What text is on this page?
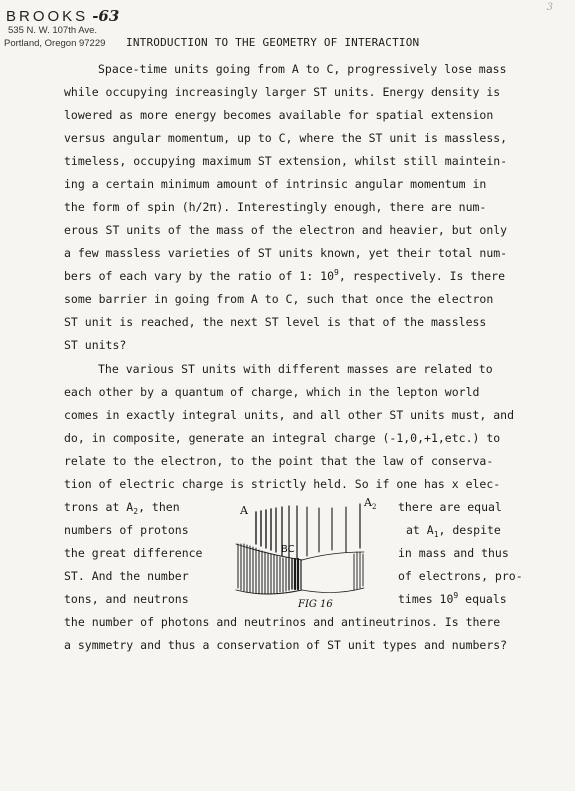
BROOKS -63
535 N. W. 107th Ave.
Portland, Oregon 97229
3
INTRODUCTION TO THE GEOMETRY OF INTERACTION
Space-time units going from A to C, progressively lose mass
while occupying increasingly larger ST units. Energy density is
lowered as more energy becomes available for spatial extension
versus angular momentum, up to C, where the ST unit is massless,
timeless, occupying maximum ST extension, whilst still maintein-
ing a certain minimum amount of intrinsic angular momentum in
the form of spin (h/2π). Interestingly enough, there are num-
erous ST units of the mass of the electron and heavier, but only
a few massless varieties of ST units known, yet their total num-
bers of each vary by the ratio of 1: $10^9$, respectively. Is there
some barrier in going from A to C, such that once the electron
ST unit is reached, the next ST level is that of the massless
ST units?
The various ST units with different masses are related to
each other by a quantum of charge, which in the lepton world
comes in exactly integral units, and all other ST units must, and
do, in composite, generate an integral charge (-1,0,+1,etc.) to
relate to the electron, to the point that the law of conserva-
tion of electric charge is strictly held. So if one has x elec-
trons at $A_2$, then
numbers of protons
the great difference
ST. And the number
tons, and neutrons
there are equal
at $A_1$, despite
in mass and thus
of electrons, pro-
times $10^9$ equals
the number of photons and neutrinos and antineutrinos. Is there
a symmetry and thus a conservation of ST unit types and numbers?
A
A 2
BC
FIG 16
